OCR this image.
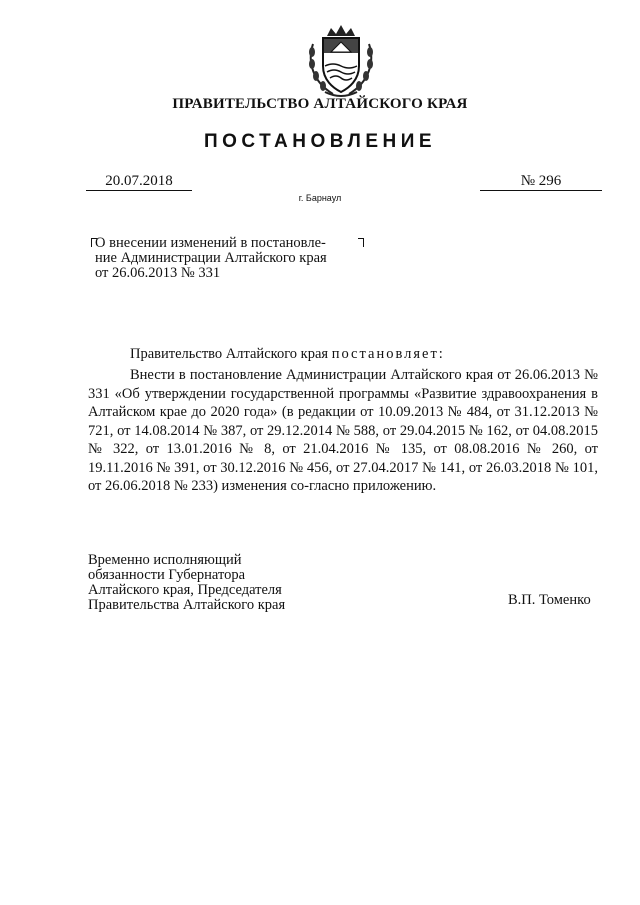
ПРАВИТЕЛЬСТВО АЛТАЙСКОГО КРАЯ
ПОСТАНОВЛЕНИЕ
20.07.2018	№ 296
г. Барнаул
О внесении изменений в постановле-
ние Администрации Алтайского края
от 26.06.2013 № 331
Правительство Алтайского края постановляет:
Внести в постановление Администрации Алтайского края от 26.06.2013 № 331 «Об утверждении государственной программы «Развитие здравоохранения в Алтайском крае до 2020 года» (в редакции от 10.09.2013 № 484, от 31.12.2013 № 721, от 14.08.2014 № 387, от 29.12.2014 № 588, от 29.04.2015 № 162, от 04.08.2015 № 322, от 13.01.2016 № 8, от 21.04.2016 № 135, от 08.08.2016 № 260, от 19.11.2016 № 391, от 30.12.2016 № 456, от 27.04.2017 № 141, от 26.03.2018 № 101, от 26.06.2018 № 233) изменения со-гласно приложению.
Временно исполняющий
обязанности Губернатора
Алтайского края, Председателя
Правительства Алтайского края	В.П. Томенко
